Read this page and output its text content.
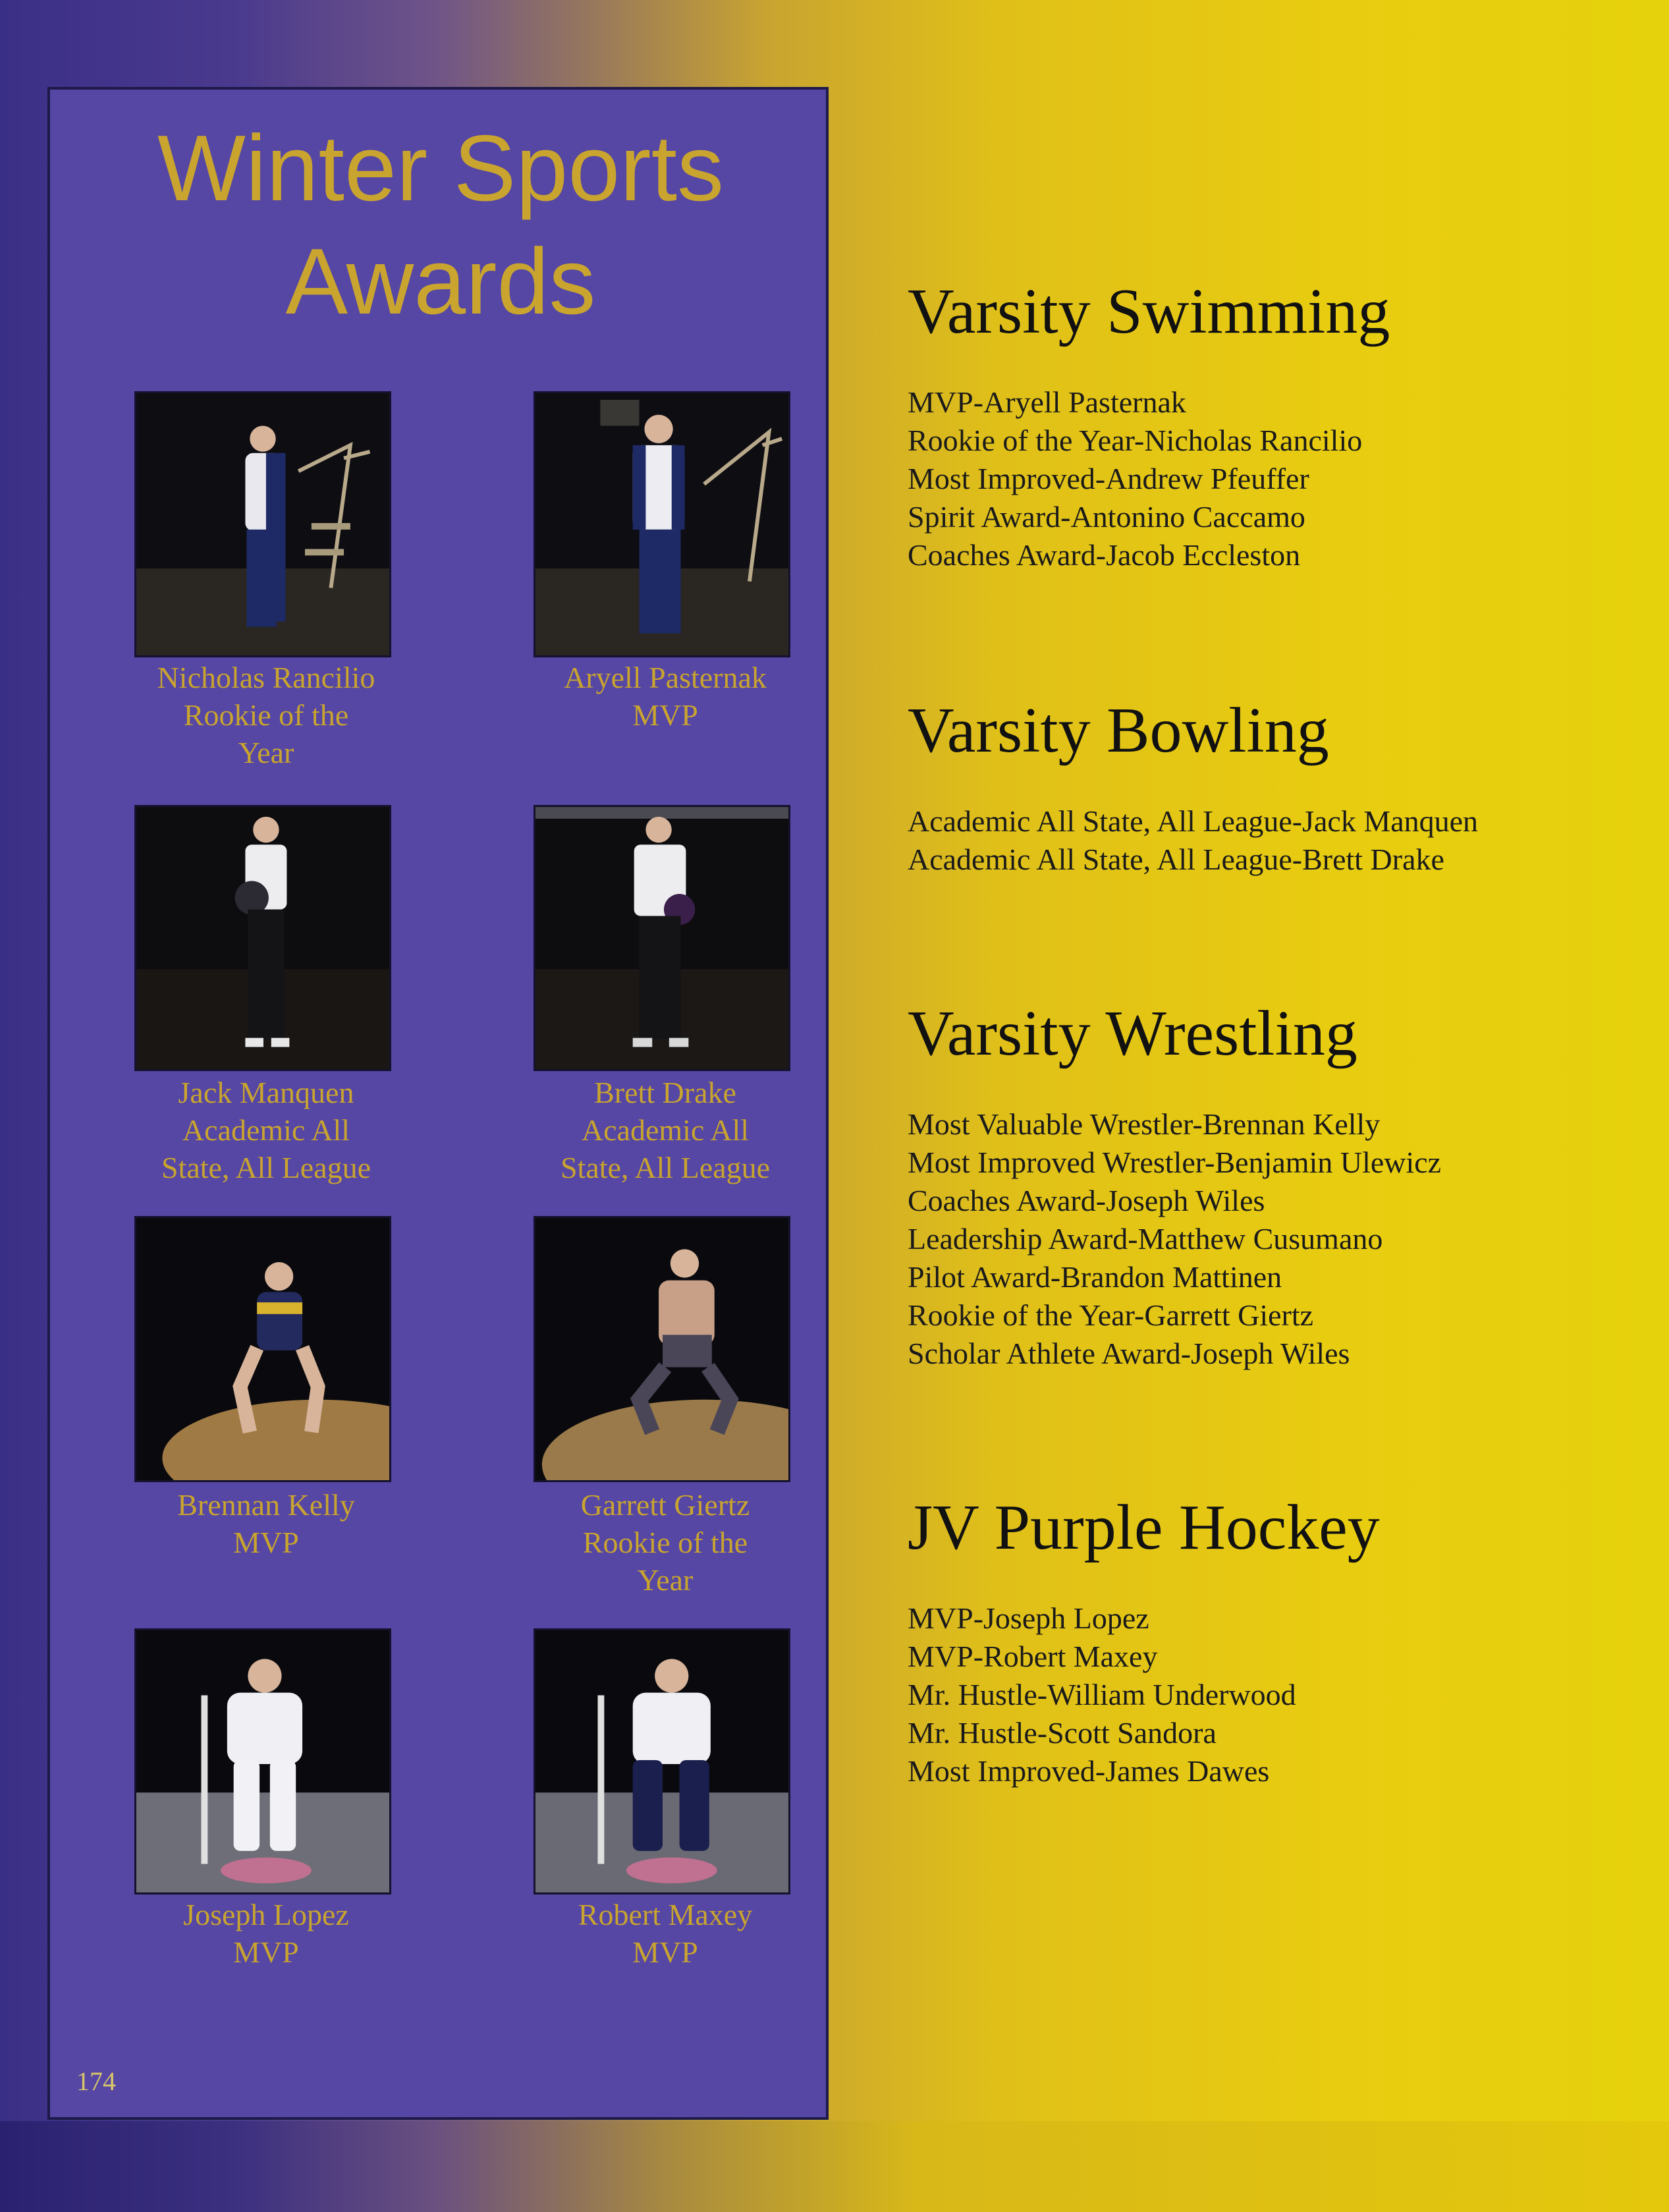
Winter Sports
Awards
Nicholas Rancilio
Rookie of the
Year
Aryell Pasternak
MVP
Jack Manquen
Academic All
State, All League
Brett Drake
Academic All
State, All League
Brennan Kelly
MVP
Garrett Giertz
Rookie of the
Year
Joseph Lopez
MVP
Robert Maxey
MVP
174
Varsity Swimming
MVP-Aryell Pasternak
Rookie of the Year-Nicholas Rancilio
Most Improved-Andrew Pfeuffer
Spirit Award-Antonino Caccamo
Coaches Award-Jacob Eccleston
Varsity Bowling
Academic All State, All League-Jack Manquen
Academic All State, All League-Brett Drake
Varsity Wrestling
Most Valuable Wrestler-Brennan Kelly
Most Improved Wrestler-Benjamin Ulewicz
Coaches Award-Joseph Wiles
Leadership Award-Matthew Cusumano
Pilot Award-Brandon Mattinen
Rookie of the Year-Garrett Giertz
Scholar Athlete Award-Joseph Wiles
JV Purple Hockey
MVP-Joseph Lopez
MVP-Robert Maxey
Mr. Hustle-William Underwood
Mr. Hustle-Scott Sandora
Most Improved-James Dawes
